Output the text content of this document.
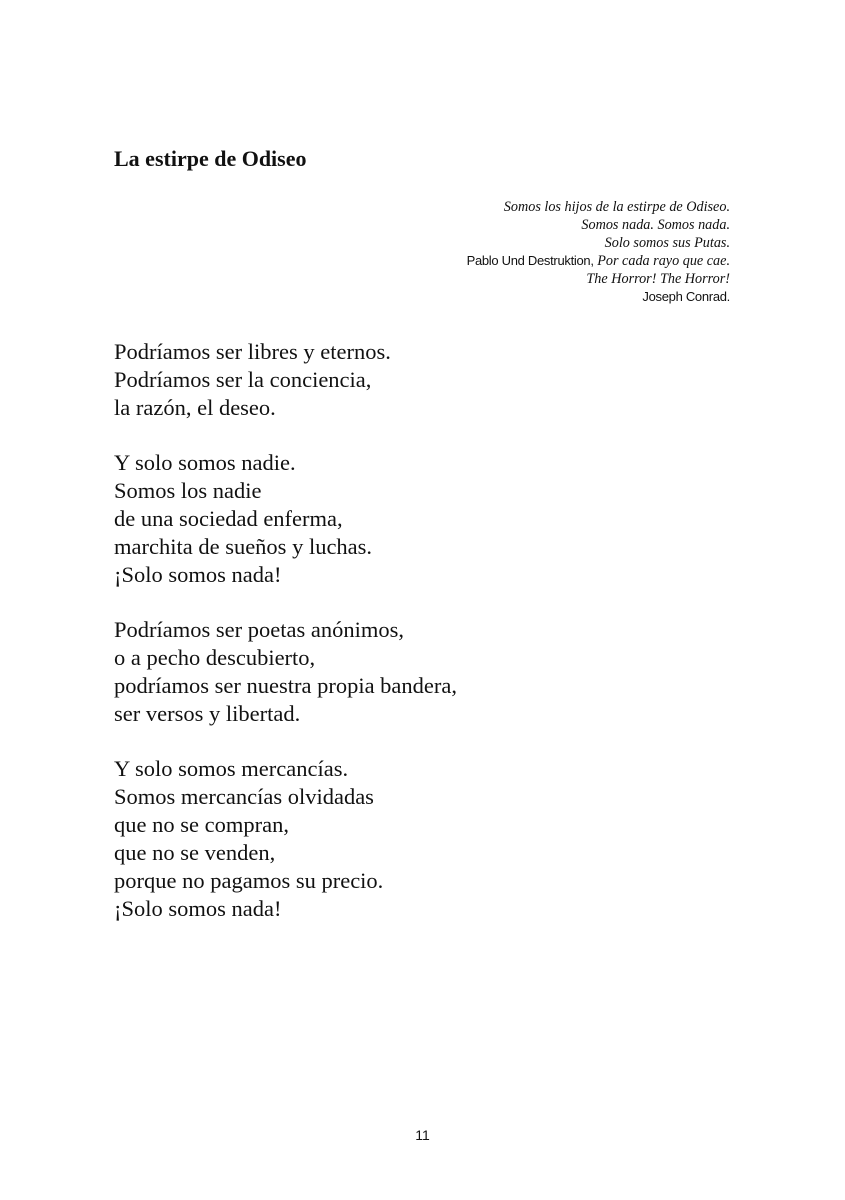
La estirpe de Odiseo
Somos los hijos de la estirpe de Odiseo.
Somos nada. Somos nada.
Solo somos sus Putas.
Pablo Und Destruktion, Por cada rayo que cae.
The Horror! The Horror!
Joseph Conrad.
Podríamos ser libres y eternos.
Podríamos ser la conciencia,
la razón, el deseo.
Y solo somos nadie.
Somos los nadie
de una sociedad enferma,
marchita de sueños y luchas.
¡Solo somos nada!
Podríamos ser poetas anónimos,
o a pecho descubierto,
podríamos ser nuestra propia bandera,
ser versos y libertad.
Y solo somos mercancías.
Somos mercancías olvidadas
que no se compran,
que no se venden,
porque no pagamos su precio.
¡Solo somos nada!
11
